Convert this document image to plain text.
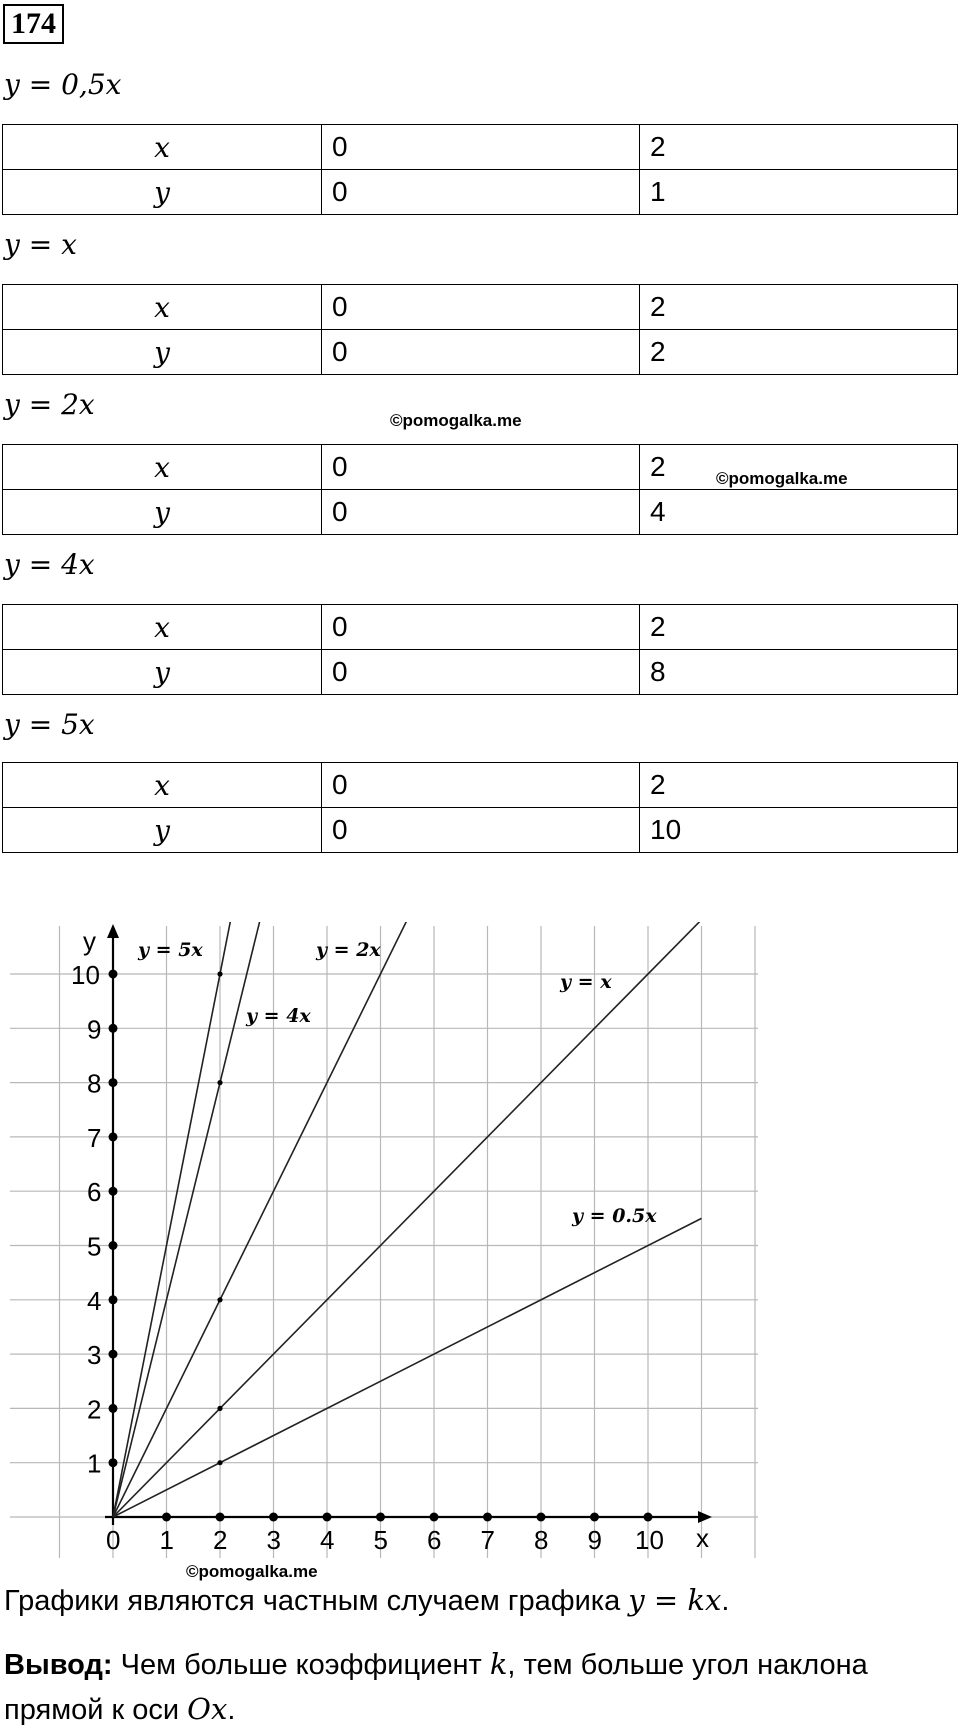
174
y = 0,5x
x	0	2
y	0	1
y = x
x	0	2
y	0	2
y = 2x	©pomogalka.me
x	0	2
y	0	4
©pomogalka.me
y = 4x
x	0	2
y	0	8
y = 5x
x	0	2
y	0	10
y
x
0 1 2 3 4 5 6 7 8 9 10
1
2
3
4
5
6
7
8
9
10
y = 5x
y = 4x
y = 2x
y = x
y = 0.5x
©pomogalka.me
Графики являются частным случаем графика y = kx.
Вывод: Чем больше коэффициент k, тем больше угол наклона
прямой к оси Ox.
